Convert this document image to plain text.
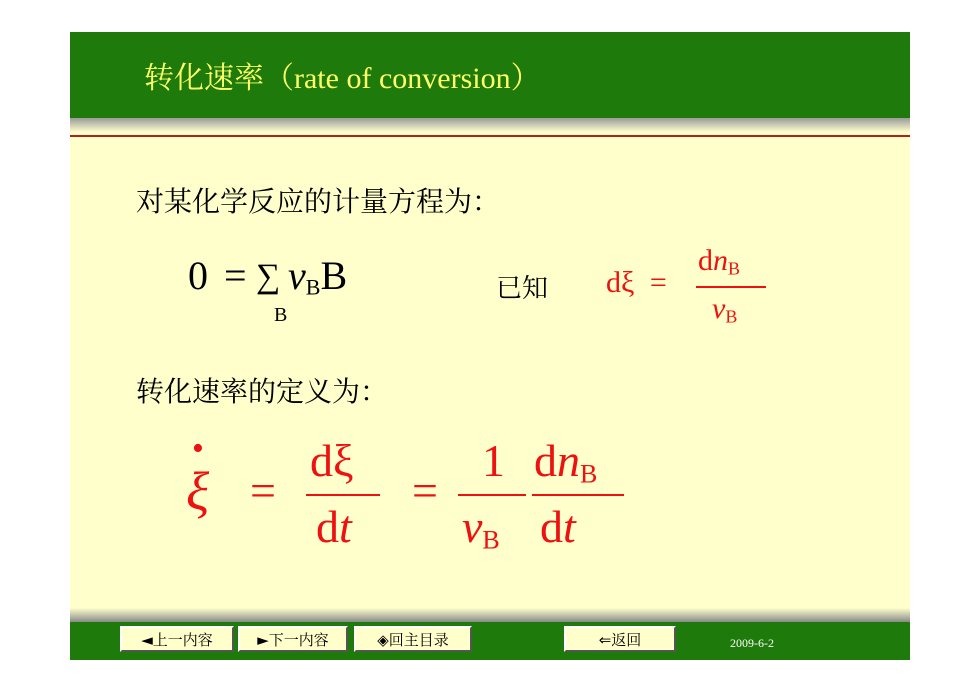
转化速率（rate of conversion）
对某化学反应的计量方程为：
0 = ∑
B
$\nu_BB$	已知 dξ =
$dn_B$
$\nu_B$
转化速率的定义为：
•
ξ =
dξ
dt
=
1
$\nu_B$
$dn_B$
dt
◄上一内容	►下一内容	◈回主目录	⇐返回	2009-6-2
